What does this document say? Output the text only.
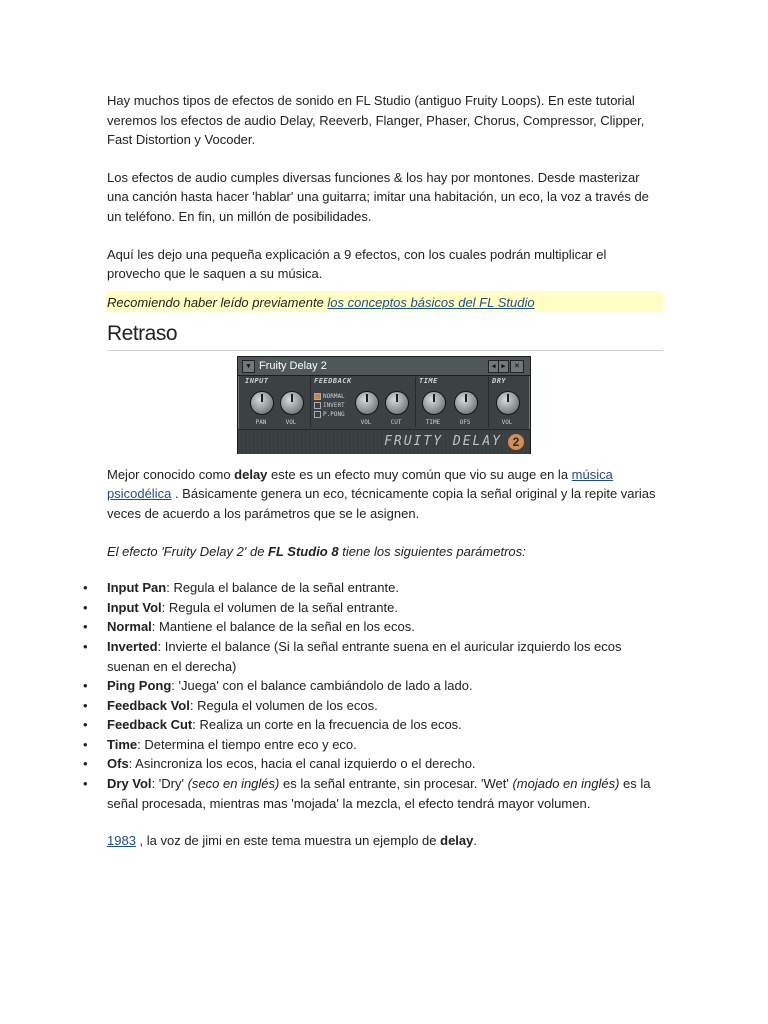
Hay muchos tipos de efectos de sonido en FL Studio (antiguo Fruity Loops). En este tutorial veremos los efectos de audio Delay, Reeverb, Flanger, Phaser, Chorus, Compressor, Clipper, Fast Distortion y Vocoder.

Los efectos de audio cumples diversas funciones & los hay por montones. Desde masterizar una canción hasta hacer 'hablar' una guitarra; imitar una habitación, un eco, la voz a través de un teléfono. En fin, un millón de posibilidades.

Aquí les dejo una pequeña explicación a 9 efectos, con los cuales podrán multiplicar el provecho que le saquen a su música.

Recomiendo haber leído previamente los conceptos básicos del FL Studio

Retraso
▼ Fruity Delay 2	◀ ▶ ✕
INPUT
PAN	VOL
FEEDBACK
NORMAL
INVERT
P.PONG
VOL	CUT
TIME
TIME	OFS
DRY
VOL
FRUITY DELAY 2

Mejor conocido como delay este es un efecto muy común que vio su auge en la música psicodélica . Básicamente genera un eco, técnicamente copia la señal original y la repite varias veces de acuerdo a los parámetros que se le asignen.

El efecto 'Fruity Delay 2' de FL Studio 8 tiene los siguientes parámetros:

• Input Pan: Regula el balance de la señal entrante.
• Input Vol: Regula el volumen de la señal entrante.
• Normal: Mantiene el balance de la señal en los ecos.
• Inverted: Invierte el balance (Si la señal entrante suena en el auricular izquierdo los ecos suenan en el derecha)
• Ping Pong: 'Juega' con el balance cambiándolo de lado a lado.
• Feedback Vol: Regula el volumen de los ecos.
• Feedback Cut: Realiza un corte en la frecuencia de los ecos.
• Time: Determina el tiempo entre eco y eco.
• Ofs: Asincroniza los ecos, hacia el canal izquierdo o el derecho.
• Dry Vol: 'Dry' (seco en inglés) es la señal entrante, sin procesar. 'Wet' (mojado en inglés) es la señal procesada, mientras mas 'mojada' la mezcla, el efecto tendrá mayor volumen.

1983 , la voz de jimi en este tema muestra un ejemplo de delay.
